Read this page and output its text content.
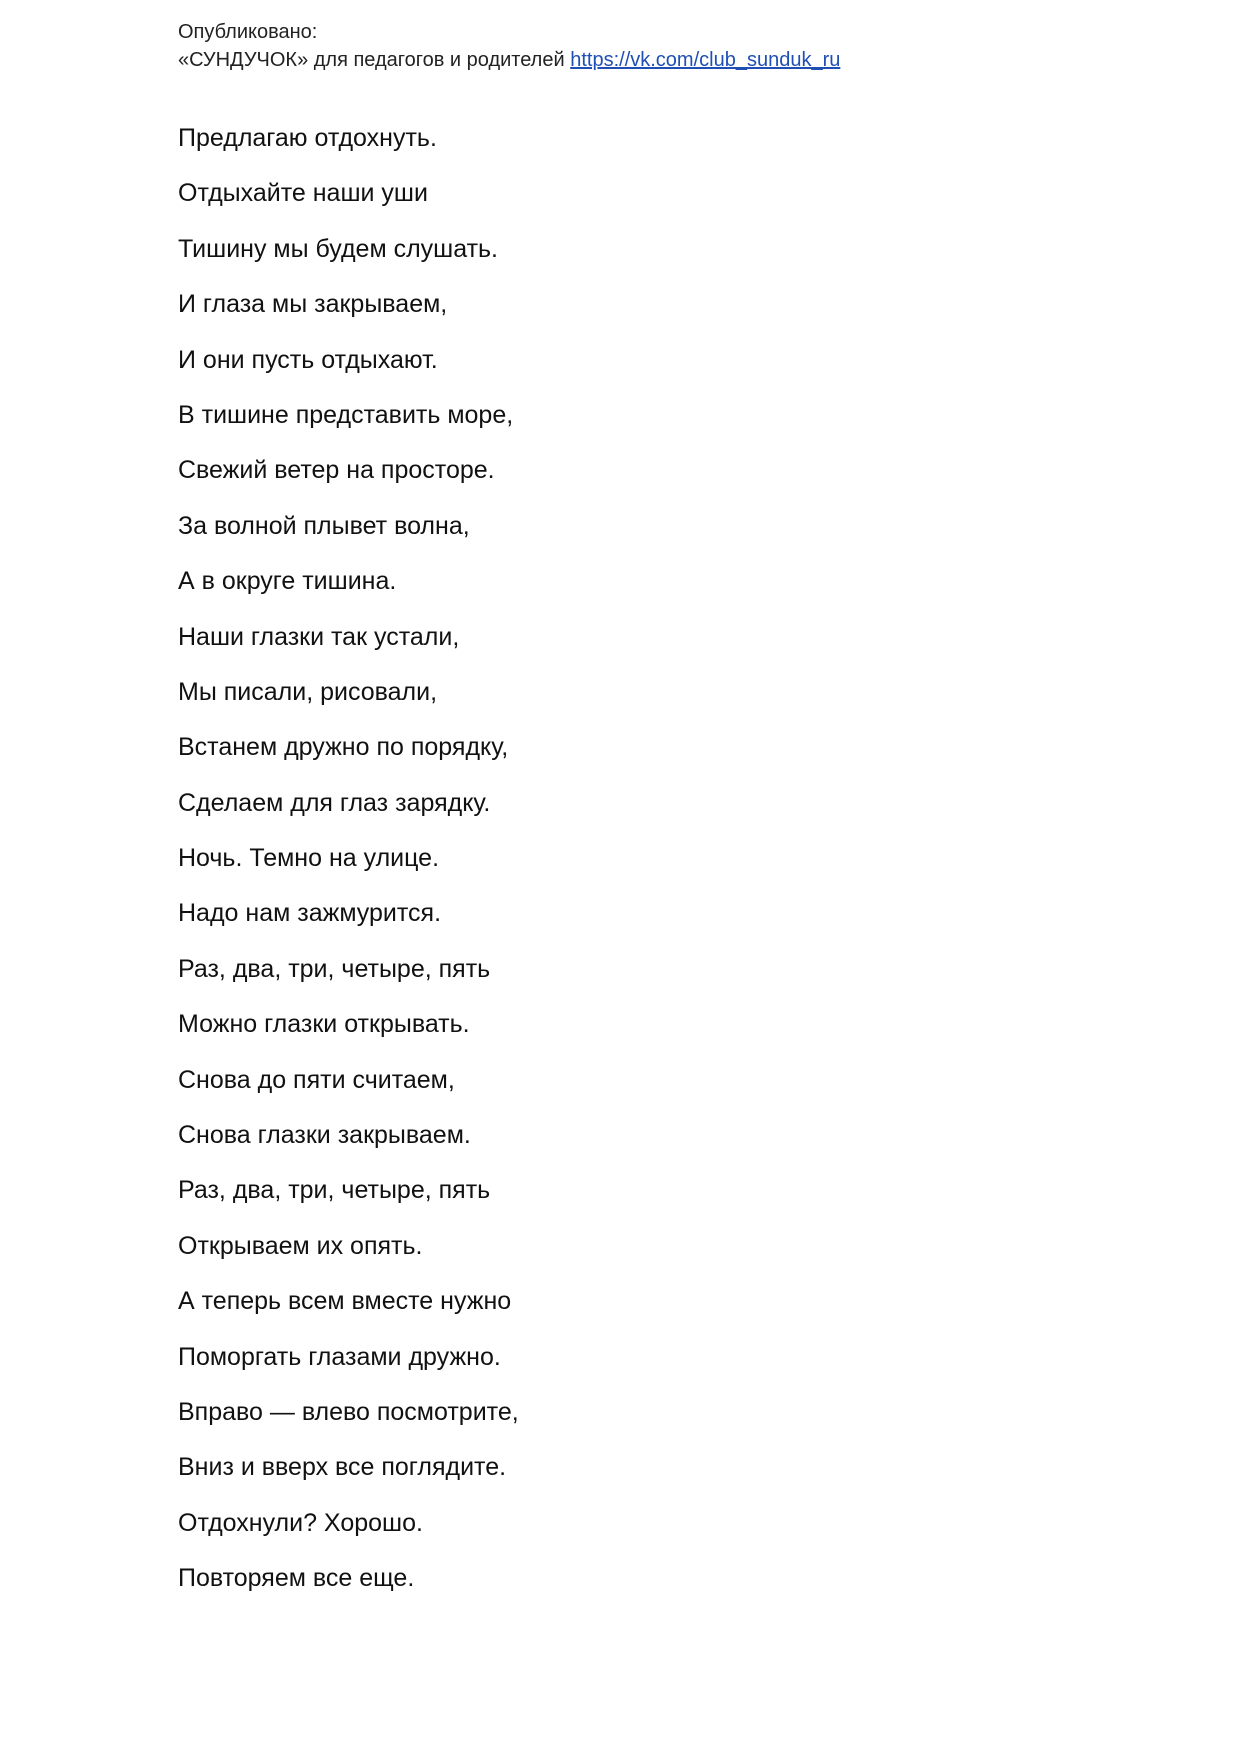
Опубликовано:
«СУНДУЧОК» для педагогов и родителей https://vk.com/club_sunduk_ru
Предлагаю отдохнуть.
Отдыхайте наши уши
Тишину мы будем слушать.
И глаза мы закрываем,
И они пусть отдыхают.
В тишине представить море,
Свежий ветер на просторе.
За волной плывет волна,
А в округе тишина.
Наши глазки так устали,
Мы писали, рисовали,
Встанем дружно по порядку,
Сделаем для глаз зарядку.
Ночь. Темно на улице.
Надо нам зажмурится.
Раз, два, три, четыре, пять
Можно глазки открывать.
Снова до пяти считаем,
Снова глазки закрываем.
Раз, два, три, четыре, пять
Открываем их опять.
А теперь всем вместе нужно
Поморгать глазами дружно.
Вправо — влево посмотрите,
Вниз и вверх все поглядите.
Отдохнули? Хорошо.
Повторяем все еще.
